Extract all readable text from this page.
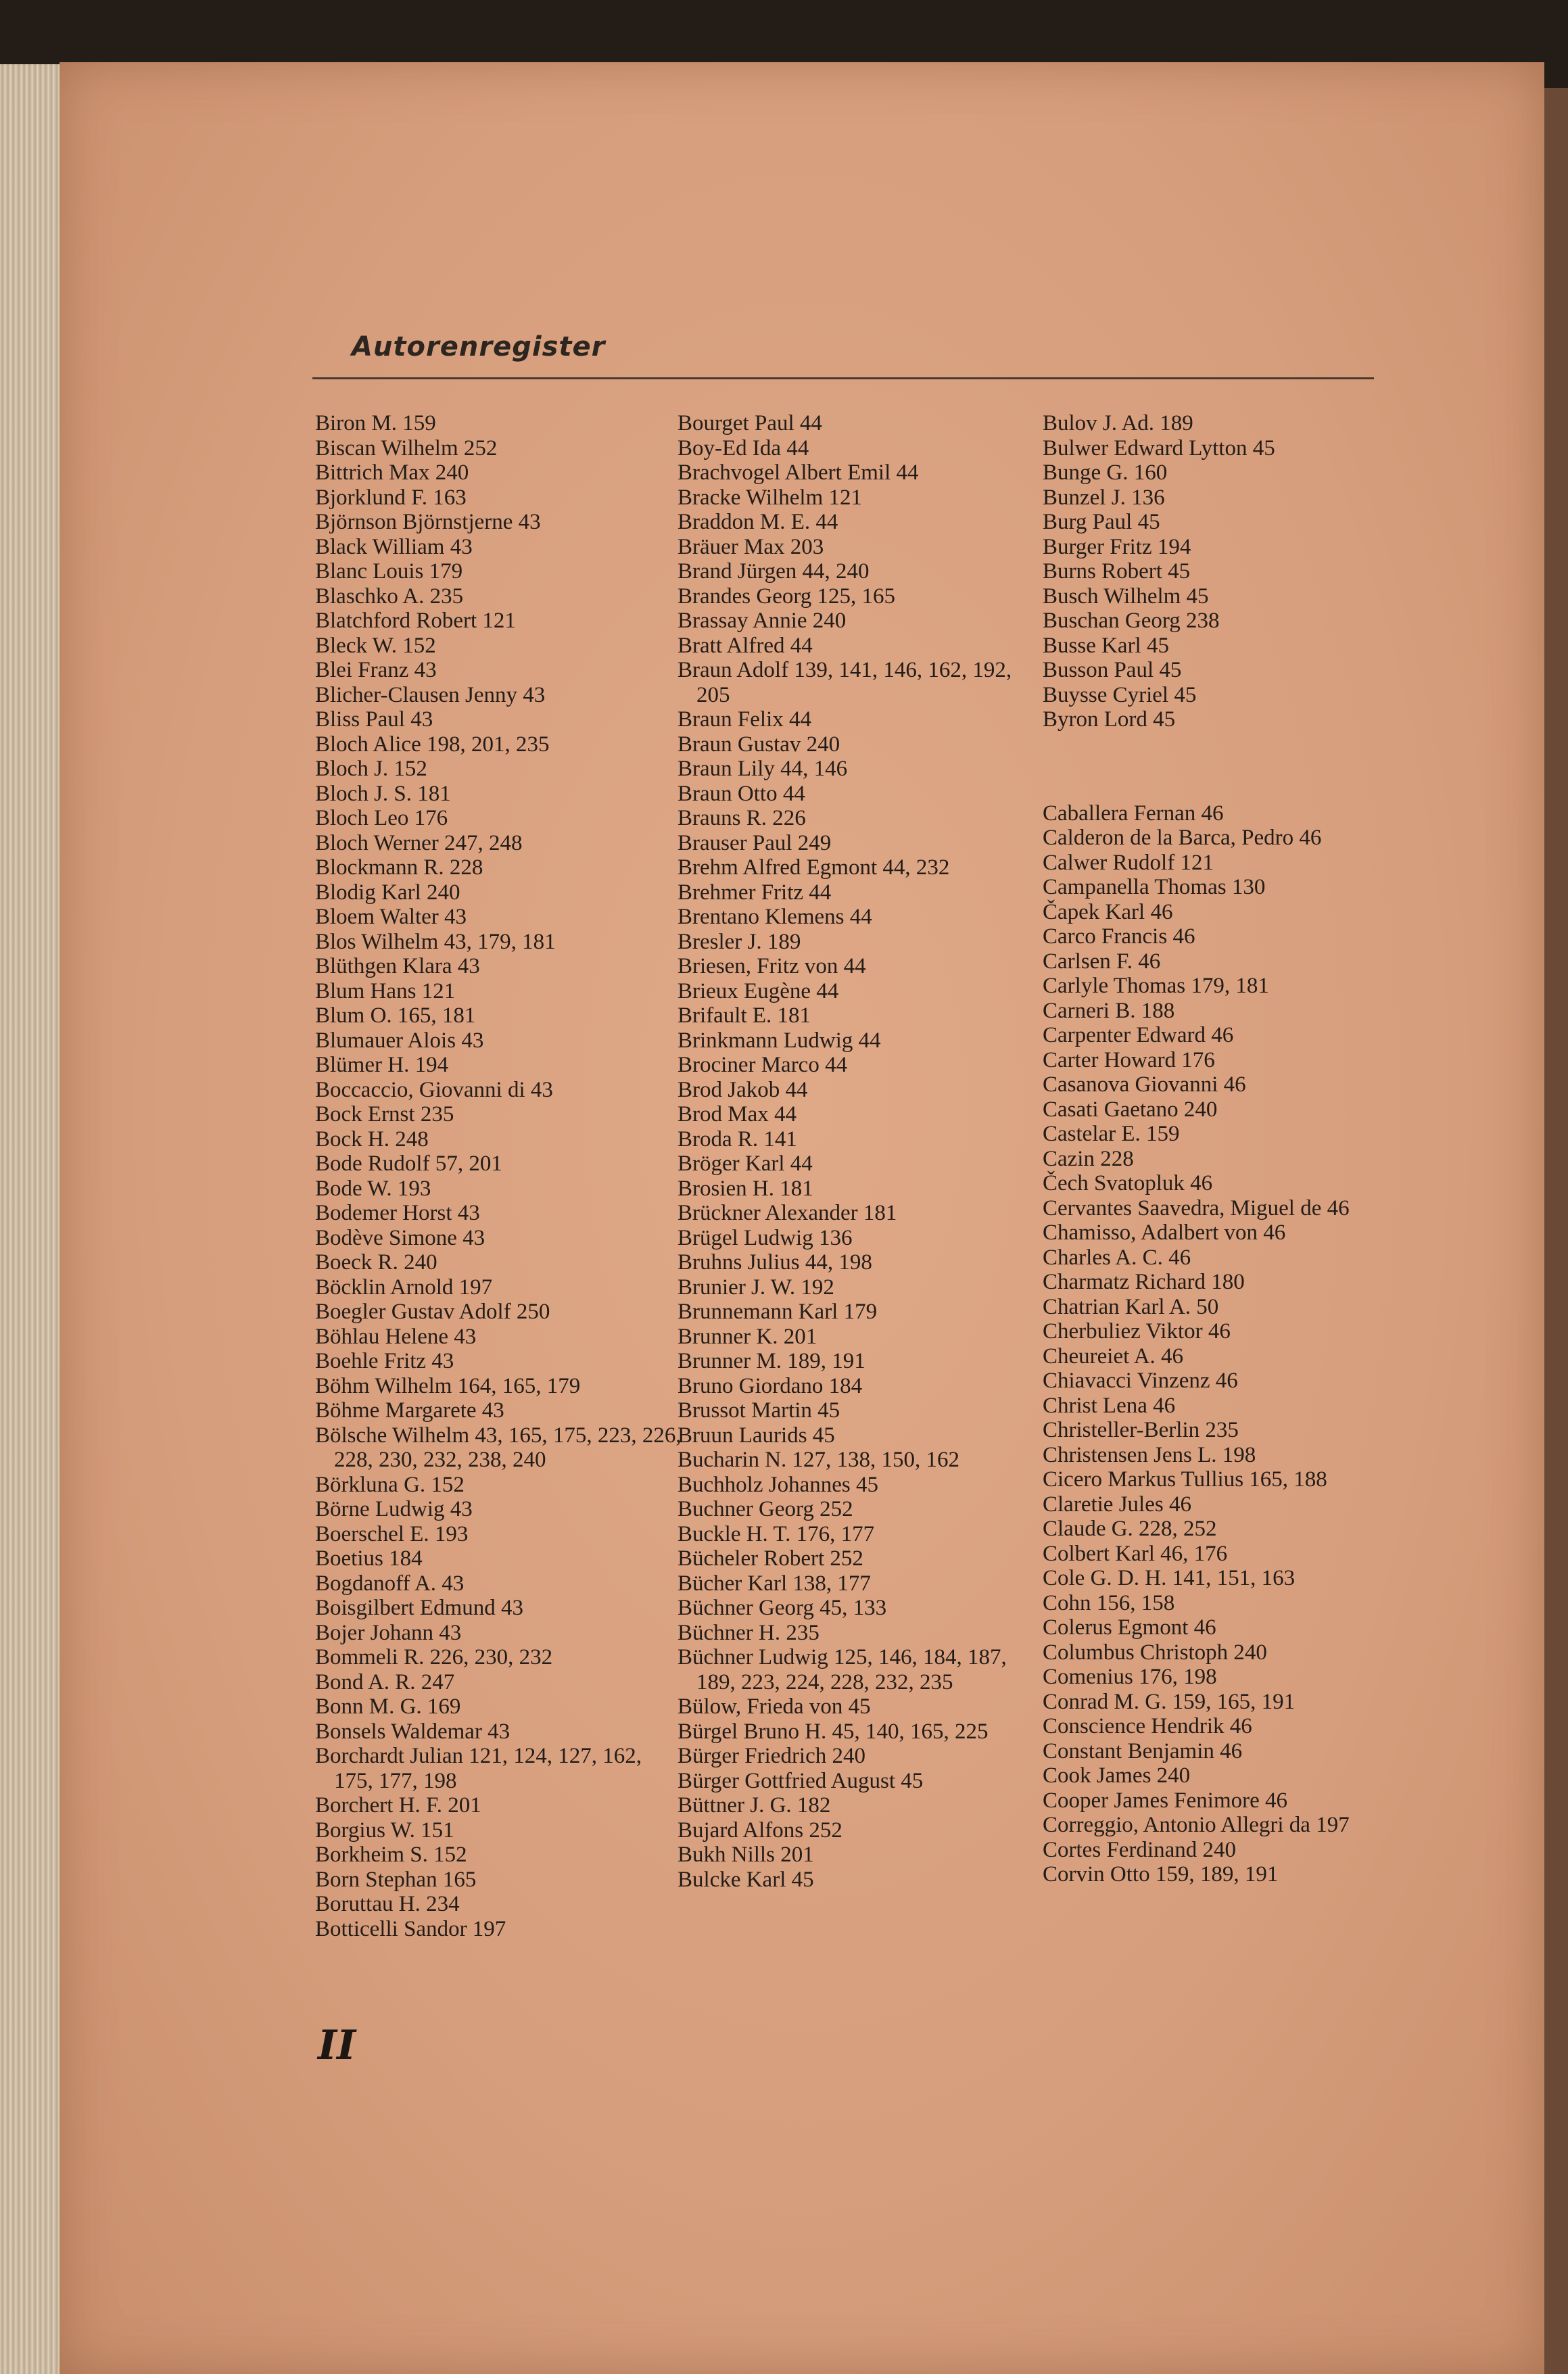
Autorenregister

Biron M. 159

Biscan Wilhelm 252

Bittrich Max 240

Bjorklund F. 163

Björnson Björnstjerne 43

Black William 43

Blanc Louis 179

Blaschko A. 235

Blatchford Robert 121

Bleck W. 152

Blei Franz 43

Blicher-Clausen Jenny 43

Bliss Paul 43

Bloch Alice 198, 201, 235

Bloch J. 152

Bloch J. S. 181

Bloch Leo 176

Bloch Werner 247, 248

Blockmann R. 228

Blodig Karl 240

Bloem Walter 43

Blos Wilhelm 43, 179, 181

Blüthgen Klara 43

Blum Hans 121

Blum O. 165, 181

Blumauer Alois 43

Blümer H. 194

Boccaccio, Giovanni di 43

Bock Ernst 235

Bock H. 248

Bode Rudolf 57, 201

Bode W. 193

Bodemer Horst 43

Bodève Simone 43

Boeck R. 240

Böcklin Arnold 197

Boegler Gustav Adolf 250

Böhlau Helene 43

Boehle Fritz 43

Böhm Wilhelm 164, 165, 179

Böhme Margarete 43

Bölsche Wilhelm 43, 165, 175, 223, 226, 228, 230, 232, 238, 240

Börkluna G. 152

Börne Ludwig 43

Boerschel E. 193

Boetius 184

Bogdanoff A. 43

Boisgilbert Edmund 43

Bojer Johann 43

Bommeli R. 226, 230, 232

Bond A. R. 247

Bonn M. G. 169

Bonsels Waldemar 43

Borchardt Julian 121, 124, 127, 162, 175, 177, 198

Borchert H. F. 201

Borgius W. 151

Borkheim S. 152

Born Stephan 165

Boruttau H. 234

Botticelli Sandor 197

Bourget Paul 44

Boy-Ed Ida 44

Brachvogel Albert Emil 44

Bracke Wilhelm 121

Braddon M. E. 44

Bräuer Max 203

Brand Jürgen 44, 240

Brandes Georg 125, 165

Brassay Annie 240

Bratt Alfred 44

Braun Adolf 139, 141, 146, 162, 192, 205

Braun Felix 44

Braun Gustav 240

Braun Lily 44, 146

Braun Otto 44

Brauns R. 226

Brauser Paul 249

Brehm Alfred Egmont 44, 232

Brehmer Fritz 44

Brentano Klemens 44

Bresler J. 189

Briesen, Fritz von 44

Brieux Eugène 44

Brifault E. 181

Brinkmann Ludwig 44

Brociner Marco 44

Brod Jakob 44

Brod Max 44

Broda R. 141

Bröger Karl 44

Brosien H. 181

Brückner Alexander 181

Brügel Ludwig 136

Bruhns Julius 44, 198

Brunier J. W. 192

Brunnemann Karl 179

Brunner K. 201

Brunner M. 189, 191

Bruno Giordano 184

Brussot Martin 45

Bruun Laurids 45

Bucharin N. 127, 138, 150, 162

Buchholz Johannes 45

Buchner Georg 252

Buckle H. T. 176, 177

Bücheler Robert 252

Bücher Karl 138, 177

Büchner Georg 45, 133

Büchner H. 235

Büchner Ludwig 125, 146, 184, 187, 189, 223, 224, 228, 232, 235

Bülow, Frieda von 45

Bürgel Bruno H. 45, 140, 165, 225

Bürger Friedrich 240

Bürger Gottfried August 45

Büttner J. G. 182

Bujard Alfons 252

Bukh Nills 201

Bulcke Karl 45

Bulov J. Ad. 189

Bulwer Edward Lytton 45

Bunge G. 160

Bunzel J. 136

Burg Paul 45

Burger Fritz 194

Burns Robert 45

Busch Wilhelm 45

Buschan Georg 238

Busse Karl 45

Busson Paul 45

Buysse Cyriel 45

Byron Lord 45

Caballera Fernan 46

Calderon de la Barca, Pedro 46

Calwer Rudolf 121

Campanella Thomas 130

Čapek Karl 46

Carco Francis 46

Carlsen F. 46

Carlyle Thomas 179, 181

Carneri B. 188

Carpenter Edward 46

Carter Howard 176

Casanova Giovanni 46

Casati Gaetano 240

Castelar E. 159

Cazin 228

Čech Svatopluk 46

Cervantes Saavedra, Miguel de 46

Chamisso, Adalbert von 46

Charles A. C. 46

Charmatz Richard 180

Chatrian Karl A. 50

Cherbuliez Viktor 46

Cheureiet A. 46

Chiavacci Vinzenz 46

Christ Lena 46

Christeller-Berlin 235

Christensen Jens L. 198

Cicero Markus Tullius 165, 188

Claretie Jules 46

Claude G. 228, 252

Colbert Karl 46, 176

Cole G. D. H. 141, 151, 163

Cohn 156, 158

Colerus Egmont 46

Columbus Christoph 240

Comenius 176, 198

Conrad M. G. 159, 165, 191

Conscience Hendrik 46

Constant Benjamin 46

Cook James 240

Cooper James Fenimore 46

Correggio, Antonio Allegri da 197

Cortes Ferdinand 240

Corvin Otto 159, 189, 191

II
